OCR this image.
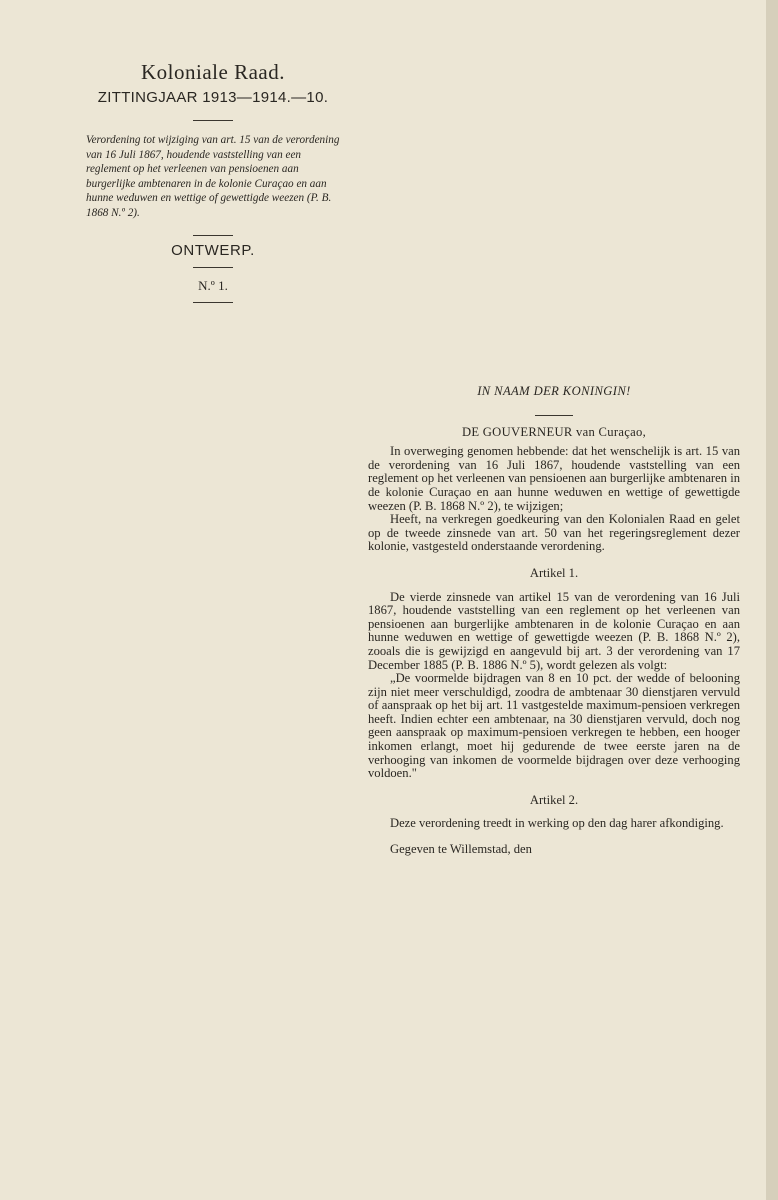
Koloniale Raad.
ZITTINGJAAR 1913—1914.—10.
Verordening tot wijziging van art. 15 van de verordening van 16 Juli 1867, houdende vaststelling van een reglement op het verleenen van pensioenen aan burgerlijke ambtenaren in de kolonie Curaçao en aan hunne weduwen en wettige of gewettigde weezen (P. B. 1868 N.º 2).
ONTWERP.
N.º 1.
IN NAAM DER KONINGIN!
DE GOUVERNEUR van Curaçao,

In overweging genomen hebbende: dat het wenschelijk is art. 15 van de verordening van 16 Juli 1867, houdende vaststelling van een reglement op het verleenen van pensioenen aan burgerlijke ambtenaren in de kolonie Curaçao en aan hunne weduwen en wettige of gewettigde weezen (P. B. 1868 N.º 2), te wijzigen;

Heeft, na verkregen goedkeuring van den Kolonialen Raad en gelet op de tweede zinsnede van art. 50 van het regeringsreglement dezer kolonie, vastgesteld onderstaande verordening.

Artikel 1.

De vierde zinsnede van artikel 15 van de verordening van 16 Juli 1867, houdende vaststelling van een reglement op het verleenen van pensioenen aan burgerlijke ambtenaren in de kolonie Curaçao en aan hunne weduwen en wettige of gewettigde weezen (P. B. 1868 N.º 2), zooals die is gewijzigd en aangevuld bij art. 3 der verordening van 17 December 1885 (P. B. 1886 N.º 5), wordt gelezen als volgt:

„De voormelde bijdragen van 8 en 10 pct. der wedde of belooning zijn niet meer verschuldigd, zoodra de ambtenaar 30 dienstjaren vervuld of aanspraak op het bij art. 11 vastgestelde maximum-pensioen verkregen heeft. Indien echter een ambtenaar, na 30 dienstjaren vervuld, doch nog geen aanspraak op maximum-pensioen verkregen te hebben, een hooger inkomen erlangt, moet hij gedurende de twee eerste jaren na de verhooging van inkomen de voormelde bijdragen over deze verhooging voldoen."

Artikel 2.

Deze verordening treedt in werking op den dag harer afkondiging.

Gegeven te Willemstad, den
